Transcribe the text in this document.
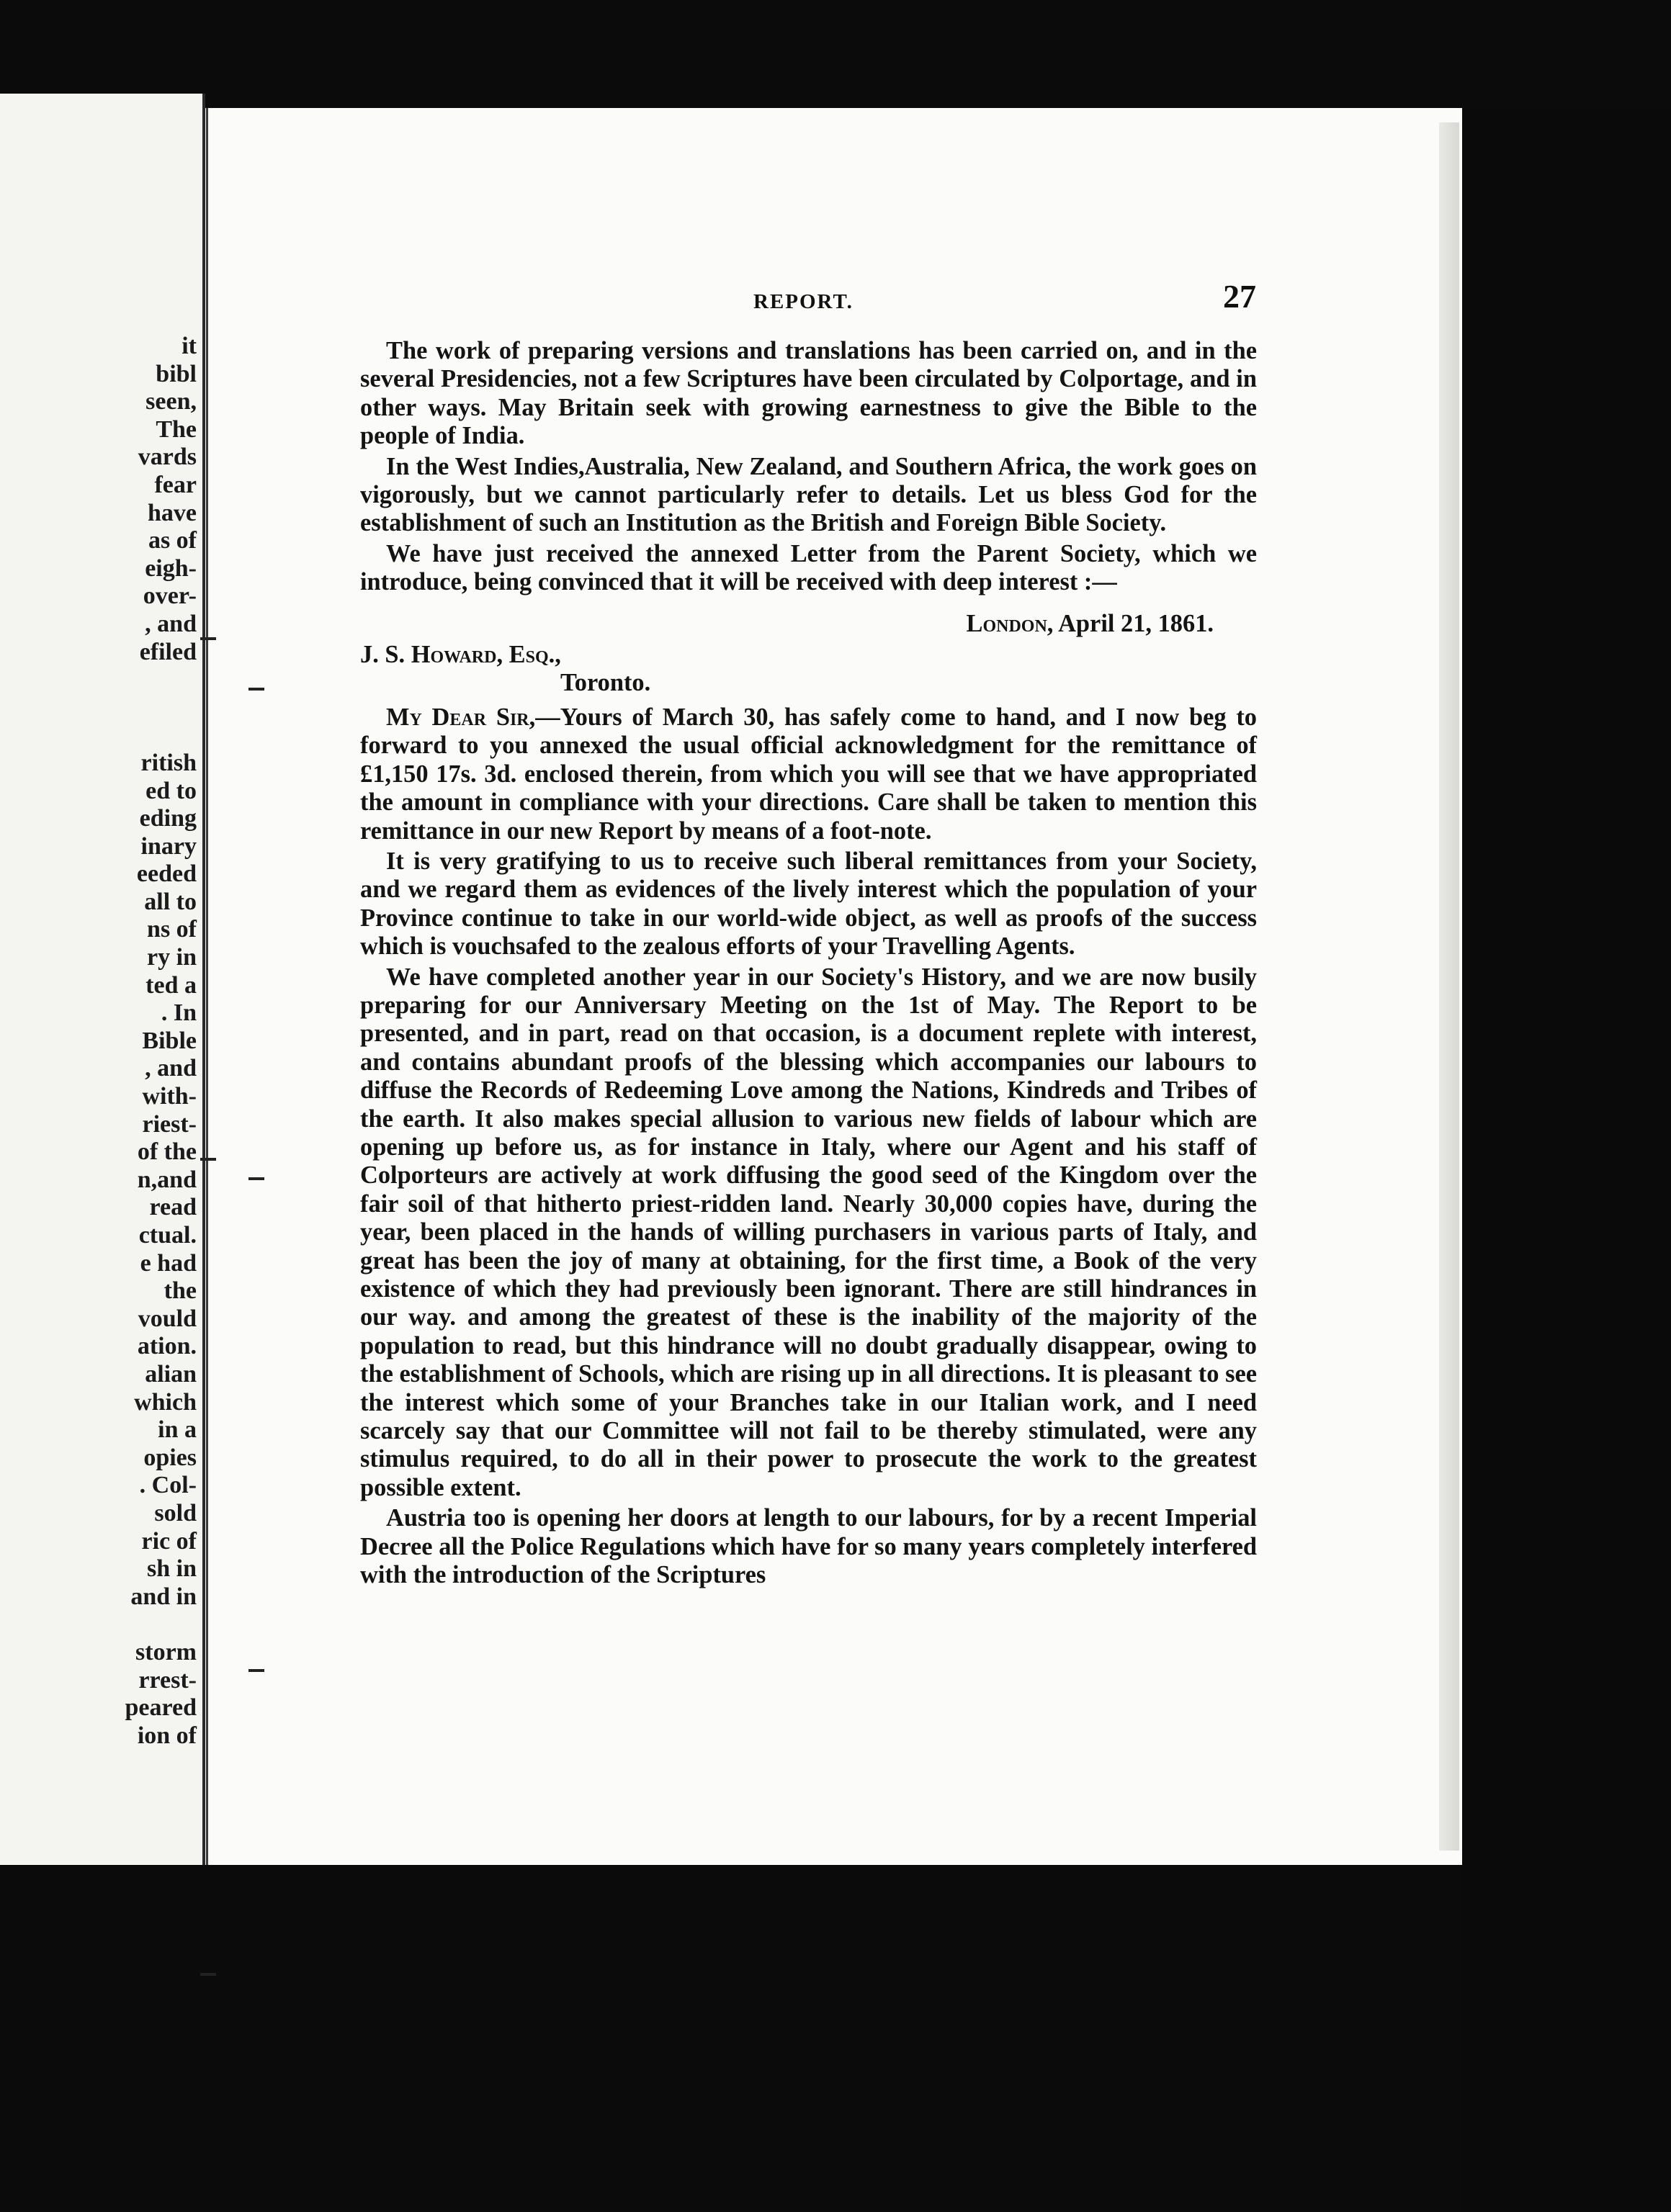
it
bibl
seen,
The
vards
fear
have
as of
eigh-
over-
, and
efiled

ritish
ed to
eding
inary
eeded
all to
ns of
ry in
ted a
. In
Bible
, and
with-
riest-
of the
n,and
read
ctual.
e had
the
vould
ation.
alian
which
in a
opies
. Col-
sold
ric of
sh in
and in

storm
rrest-
peared
ion of
REPORT.	27

The work of preparing versions and translations has been carried on, and in the several Presidencies, not a few Scriptures have been circulated by Colportage, and in other ways. May Britain seek with growing earnestness to give the Bible to the people of India.

In the West Indies,Australia, New Zealand, and Southern Africa, the work goes on vigorously, but we cannot particularly refer to details. Let us bless God for the establishment of such an Institution as the British and Foreign Bible Society.

We have just received the annexed Letter from the Parent Society, which we introduce, being convinced that it will be received with deep interest :—

London, April 21, 1861.
J. S. Howard, Esq.,
Toronto.

My Dear Sir,—Yours of March 30, has safely come to hand, and I now beg to forward to you annexed the usual official acknowledgment for the remittance of £1,150 17s. 3d. enclosed therein, from which you will see that we have appropriated the amount in compliance with your directions. Care shall be taken to mention this remittance in our new Report by means of a foot-note.

It is very gratifying to us to receive such liberal remittances from your Society, and we regard them as evidences of the lively interest which the population of your Province continue to take in our world-wide object, as well as proofs of the success which is vouchsafed to the zealous efforts of your Travelling Agents.

We have completed another year in our Society's History, and we are now busily preparing for our Anniversary Meeting on the 1st of May. The Report to be presented, and in part, read on that occasion, is a document replete with interest, and contains abundant proofs of the blessing which accompanies our labours to diffuse the Records of Redeeming Love among the Nations, Kindreds and Tribes of the earth. It also makes special allusion to various new fields of labour which are opening up before us, as for instance in Italy, where our Agent and his staff of Colporteurs are actively at work diffusing the good seed of the Kingdom over the fair soil of that hitherto priest-ridden land. Nearly 30,000 copies have, during the year, been placed in the hands of willing purchasers in various parts of Italy, and great has been the joy of many at obtaining, for the first time, a Book of the very existence of which they had previously been ignorant. There are still hindrances in our way. and among the greatest of these is the inability of the majority of the population to read, but this hindrance will no doubt gradually disappear, owing to the establishment of Schools, which are rising up in all directions. It is pleasant to see the interest which some of your Branches take in our Italian work, and I need scarcely say that our Committee will not fail to be thereby stimulated, were any stimulus required, to do all in their power to prosecute the work to the greatest possible extent.

Austria too is opening her doors at length to our labours, for by a recent Imperial Decree all the Police Regulations which have for so many years completely interfered with the introduction of the Scriptures
